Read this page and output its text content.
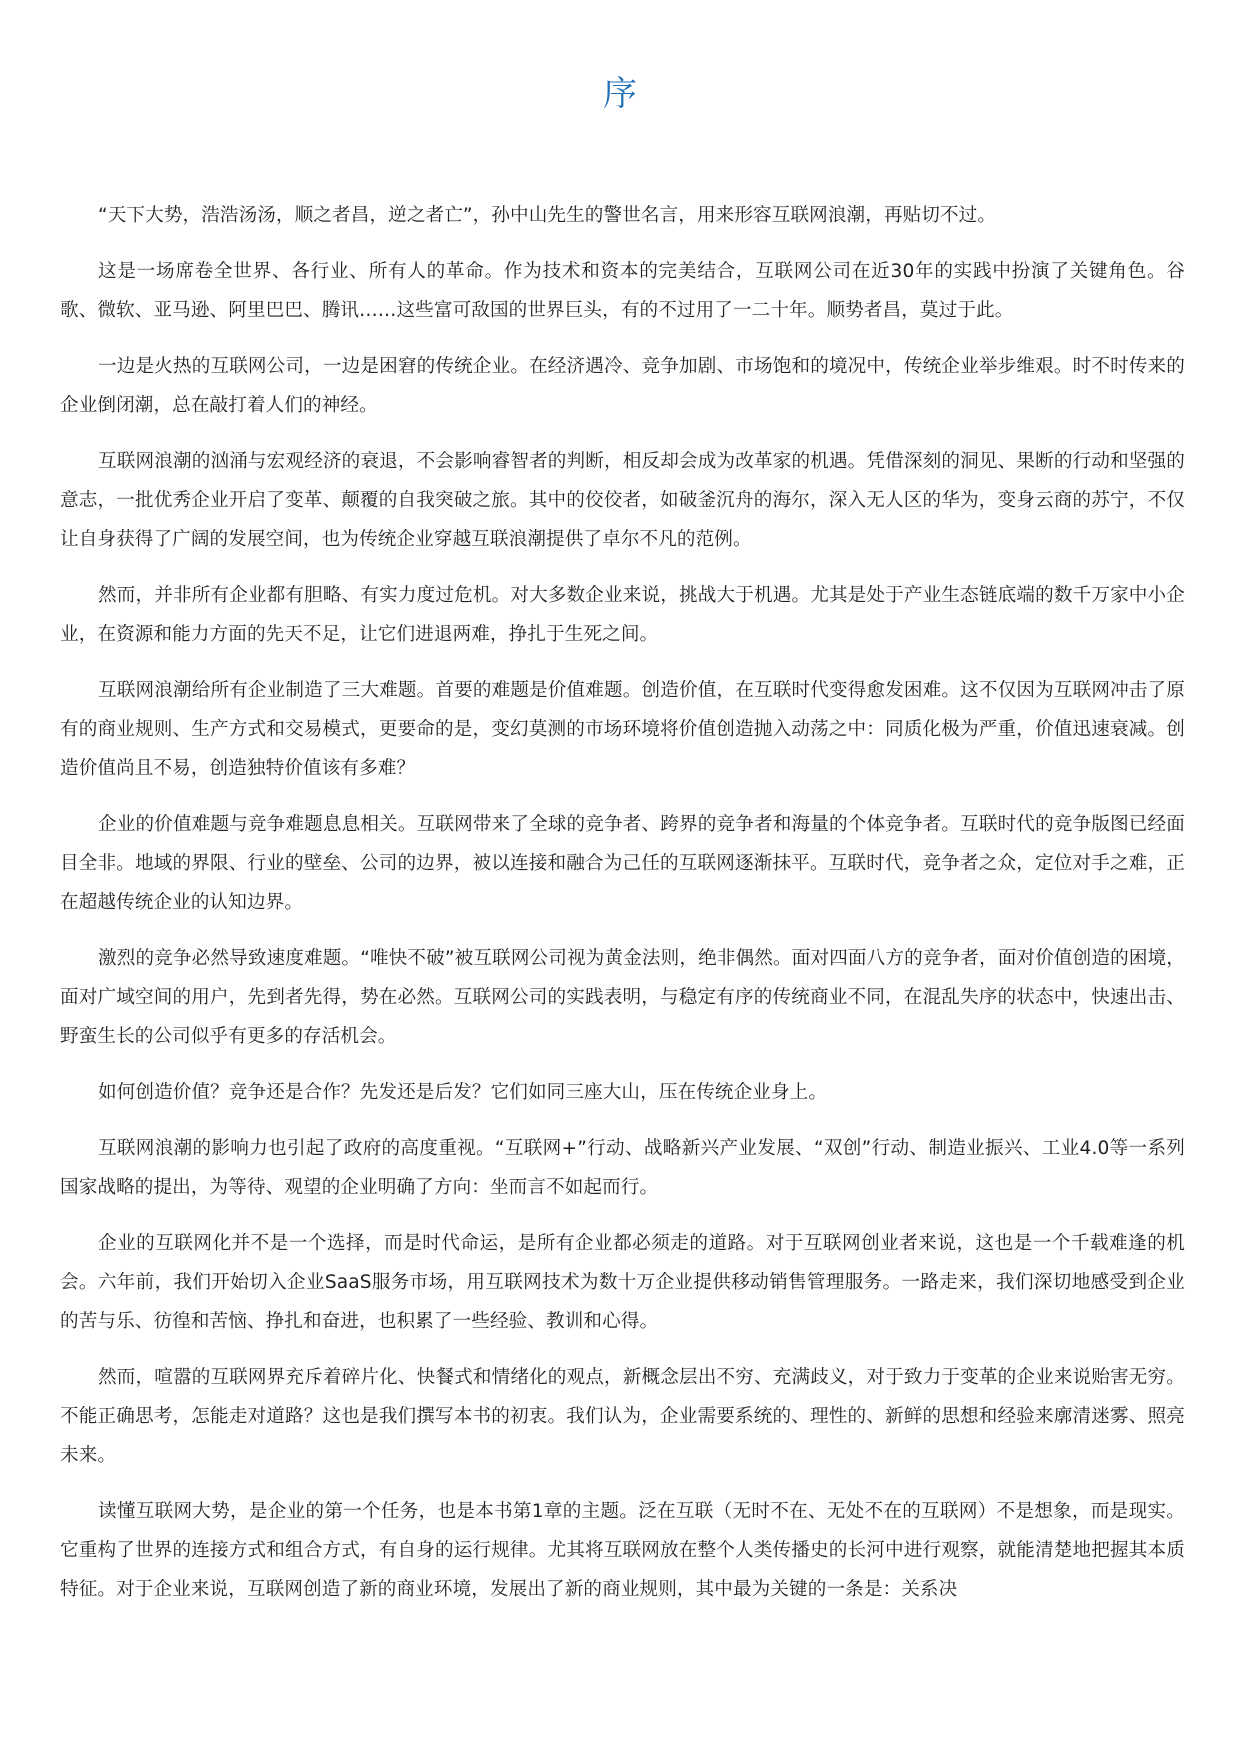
序

“天下大势，浩浩汤汤，顺之者昌，逆之者亡”，孙中山先生的警世名言，用来形容互联网浪潮，再贴切不过。

这是一场席卷全世界、各行业、所有人的革命。作为技术和资本的完美结合，互联网公司在近30年的实践中扮演了关键角色。谷歌、微软、亚马逊、阿里巴巴、腾讯……这些富可敌国的世界巨头，有的不过用了一二十年。顺势者昌，莫过于此。

一边是火热的互联网公司，一边是困窘的传统企业。在经济遇冷、竞争加剧、市场饱和的境况中，传统企业举步维艰。时不时传来的企业倒闭潮，总在敲打着人们的神经。

互联网浪潮的汹涌与宏观经济的衰退，不会影响睿智者的判断，相反却会成为改革家的机遇。凭借深刻的洞见、果断的行动和坚强的意志，一批优秀企业开启了变革、颠覆的自我突破之旅。其中的佼佼者，如破釜沉舟的海尔，深入无人区的华为，变身云商的苏宁，不仅让自身获得了广阔的发展空间，也为传统企业穿越互联浪潮提供了卓尔不凡的范例。

然而，并非所有企业都有胆略、有实力度过危机。对大多数企业来说，挑战大于机遇。尤其是处于产业生态链底端的数千万家中小企业，在资源和能力方面的先天不足，让它们进退两难，挣扎于生死之间。

互联网浪潮给所有企业制造了三大难题。首要的难题是价值难题。创造价值，在互联时代变得愈发困难。这不仅因为互联网冲击了原有的商业规则、生产方式和交易模式，更要命的是，变幻莫测的市场环境将价值创造抛入动荡之中：同质化极为严重，价值迅速衰减。创造价值尚且不易，创造独特价值该有多难？

企业的价值难题与竞争难题息息相关。互联网带来了全球的竞争者、跨界的竞争者和海量的个体竞争者。互联时代的竞争版图已经面目全非。地域的界限、行业的壁垒、公司的边界，被以连接和融合为己任的互联网逐渐抹平。互联时代，竞争者之众，定位对手之难，正在超越传统企业的认知边界。

激烈的竞争必然导致速度难题。“唯快不破”被互联网公司视为黄金法则，绝非偶然。面对四面八方的竞争者，面对价值创造的困境，面对广域空间的用户，先到者先得，势在必然。互联网公司的实践表明，与稳定有序的传统商业不同，在混乱失序的状态中，快速出击、野蛮生长的公司似乎有更多的存活机会。

如何创造价值？竞争还是合作？先发还是后发？它们如同三座大山，压在传统企业身上。

互联网浪潮的影响力也引起了政府的高度重视。“互联网+”行动、战略新兴产业发展、“双创”行动、制造业振兴、工业4.0等一系列国家战略的提出，为等待、观望的企业明确了方向：坐而言不如起而行。

企业的互联网化并不是一个选择，而是时代命运，是所有企业都必须走的道路。对于互联网创业者来说，这也是一个千载难逢的机会。六年前，我们开始切入企业SaaS服务市场，用互联网技术为数十万企业提供移动销售管理服务。一路走来，我们深切地感受到企业的苦与乐、彷徨和苦恼、挣扎和奋进，也积累了一些经验、教训和心得。

然而，喧嚣的互联网界充斥着碎片化、快餐式和情绪化的观点，新概念层出不穷、充满歧义，对于致力于变革的企业来说贻害无穷。不能正确思考，怎能走对道路？这也是我们撰写本书的初衷。我们认为，企业需要系统的、理性的、新鲜的思想和经验来廓清迷雾、照亮未来。

读懂互联网大势，是企业的第一个任务，也是本书第1章的主题。泛在互联（无时不在、无处不在的互联网）不是想象，而是现实。它重构了世界的连接方式和组合方式，有自身的运行规律。尤其将互联网放在整个人类传播史的长河中进行观察，就能清楚地把握其本质特征。对于企业来说，互联网创造了新的商业环境，发展出了新的商业规则，其中最为关键的一条是：关系决
